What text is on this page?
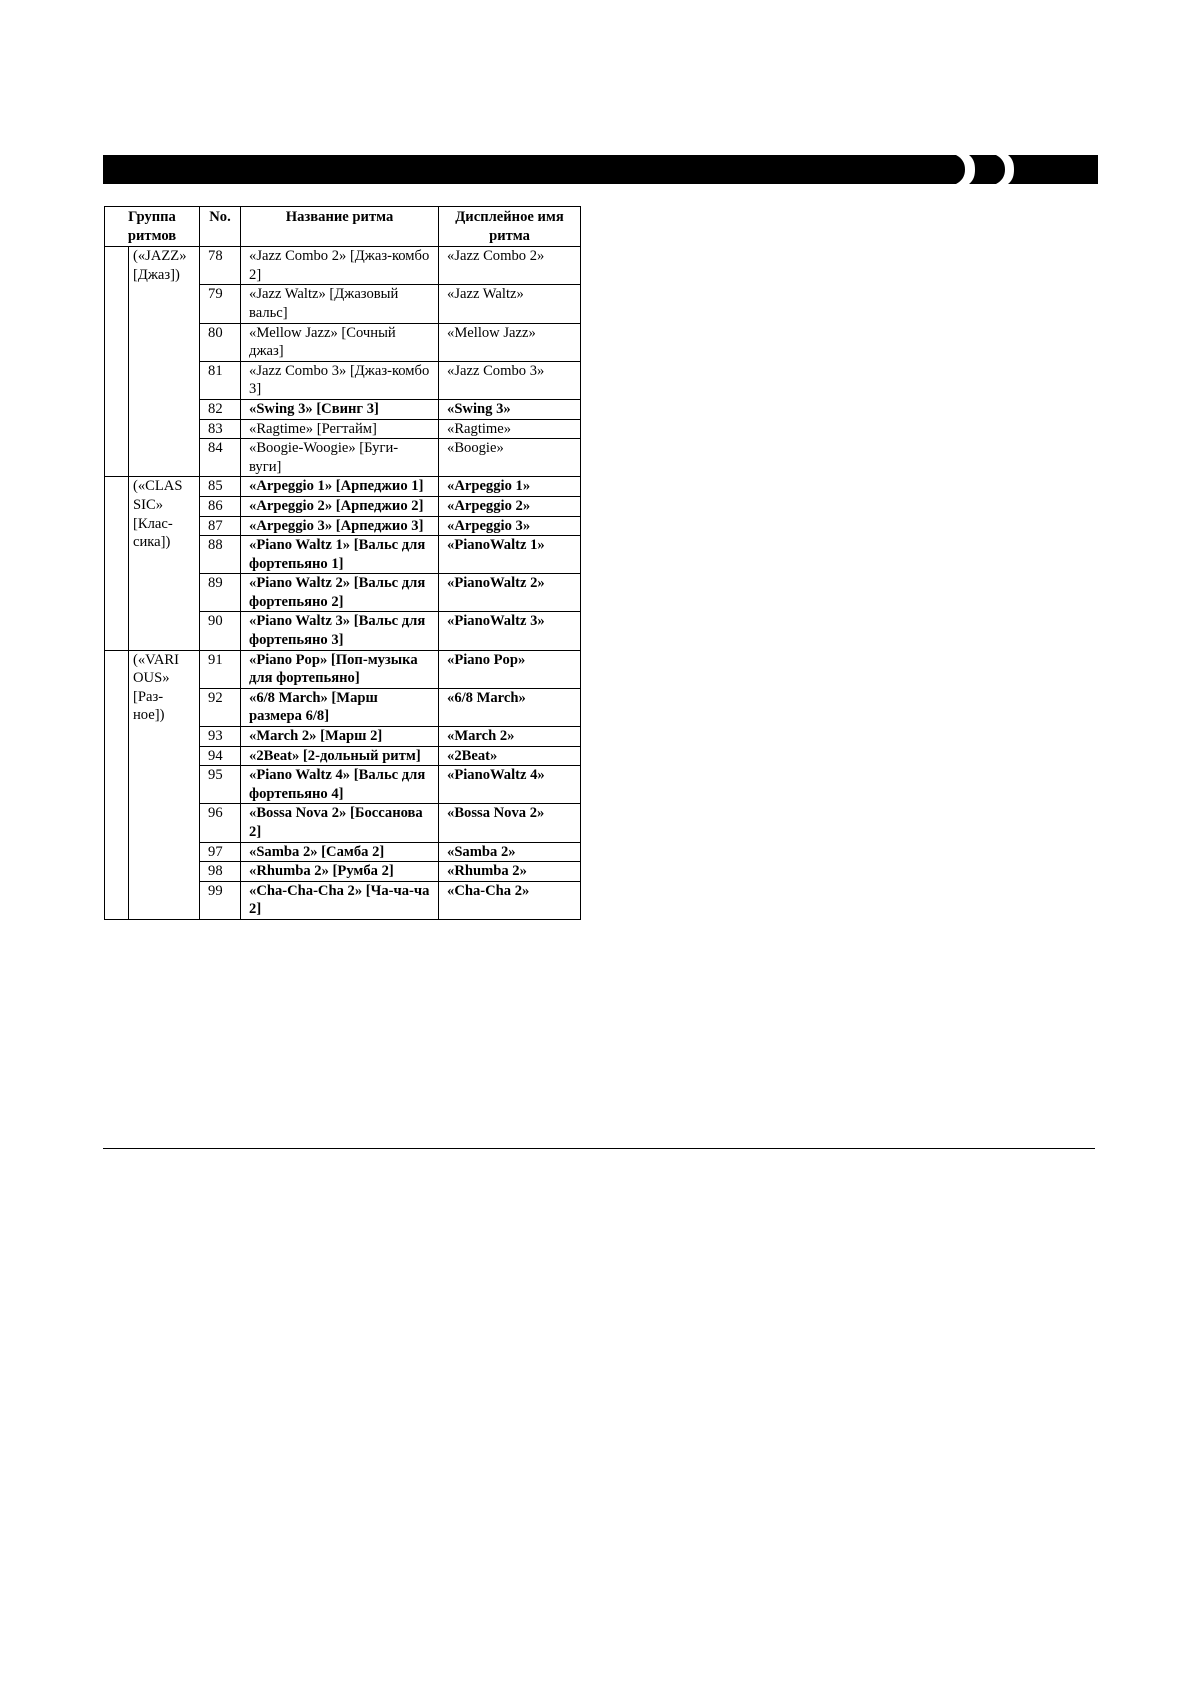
Группа ритмов		No.	Название ритма	Дисплейное имя ритма
	(«JAZZ» [Джаз])	78	«Jazz Combo 2» [Джаз-комбо 2]	«Jazz Combo 2»
		79	«Jazz Waltz» [Джазовый вальс]	«Jazz Waltz»
		80	«Mellow Jazz» [Сочный джаз]	«Mellow Jazz»
		81	«Jazz Combo 3» [Джаз-комбо 3]	«Jazz Combo 3»
		82	«Swing 3» [Свинг 3]	«Swing 3»
		83	«Ragtime» [Регтайм]	«Ragtime»
		84	«Boogie-Woogie» [Буги-вуги]	«Boogie»
	(«CLAS SIC» [Клас- сика])	85	«Arpeggio 1» [Арпеджио 1]	«Arpeggio 1»
		86	«Arpeggio 2» [Арпеджио 2]	«Arpeggio 2»
		87	«Arpeggio 3» [Арпеджио 3]	«Arpeggio 3»
		88	«Piano Waltz 1» [Вальс для фортепьяно 1]	«PianoWaltz 1»
		89	«Piano Waltz 2» [Вальс для фортепьяно 2]	«PianoWaltz 2»
		90	«Piano Waltz 3» [Вальс для фортепьяно 3]	«PianoWaltz 3»
	(«VARI OUS» [Раз- ное])	91	«Piano Pop» [Поп-музыка для фортепьяно]	«Piano Pop»
		92	«6/8 March» [Марш размера 6/8]	«6/8 March»
		93	«March 2» [Марш 2]	«March 2»
		94	«2Beat» [2-дольный ритм]	«2Beat»
		95	«Piano Waltz 4» [Вальс для фортепьяно 4]	«PianoWaltz 4»
		96	«Bossa Nova 2» [Боссанова 2]	«Bossa Nova 2»
		97	«Samba 2» [Самба 2]	«Samba 2»
		98	«Rhumba 2» [Румба 2]	«Rhumba 2»
		99	«Cha-Cha-Cha 2» [Ча-ча-ча 2]	«Cha-Cha 2»
